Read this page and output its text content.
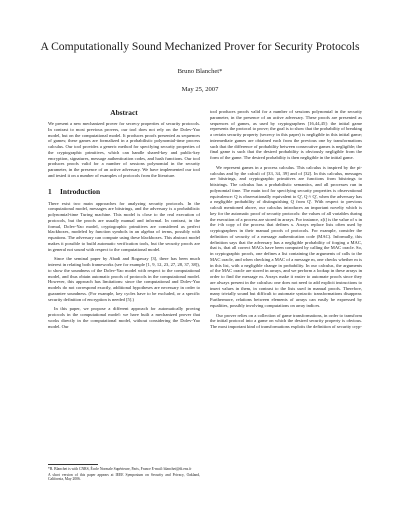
A Computationally Sound Mechanized Prover for Security Protocols
Bruno Blanchet*
May 25, 2007
Abstract

We present a new mechanized prover for secrecy properties of security protocols. In contrast to most previous provers, our tool does not rely on the Dolev-Yao model, but on the computational model. It produces proofs presented as sequences of games; these games are formalized in a probabilistic polynomial-time process calculus. Our tool provides a generic method for specifying security properties of the cryptographic primitives, which can handle shared-key and public-key encryption, signatures, message authentication codes, and hash functions. Our tool produces proofs valid for a number of sessions polynomial in the security parameter, in the presence of an active adversary. We have implemented our tool and tested it on a number of examples of protocols from the literature.

1 Introduction

There exist two main approaches for analyzing security protocols. In the computational model, messages are bitstrings, and the adversary is a probabilistic polynomial-time Turing machine. This model is close to the real execution of protocols, but the proofs are usually manual and informal. In contrast, in the formal, Dolev-Yao model, cryptographic primitives are considered as perfect blackboxes, modeled by function symbols in an algebra of terms, possibly with equations. The adversary can compute using these blackboxes. This abstract model makes it possible to build automatic verification tools, but the security proofs are in general not sound with respect to the computational model.

Since the seminal paper by Abadi and Rogaway [3], there has been much interest in relating both frameworks (see for example [1, 9, 12, 23, 27, 28, 37, 38]), to show the soundness of the Dolev-Yao model with respect to the computational model, and thus obtain automatic proofs of protocols in the computational model. However, this approach has limitations: since the computational and Dolev-Yao models do not correspond exactly, additional hypotheses are necessary in order to guarantee soundness. (For example, key cycles have to be excluded, or a specific security definition of encryption is needed [5].)

In this paper, we propose a different approach for automatically proving protocols in the computational model: we have built a mechanized prover that works directly in the computational model, without considering the Dolev-Yao model. Our

tool produces proofs valid for a number of sessions polynomial in the security parameter, in the presence of an active adversary. These proofs are presented as sequences of games, as used by cryptographers [16,44,45]: the initial game represents the protocol to prove; the goal is to show that the probability of breaking a certain security property (secrecy in this paper) is negligible in this initial game; intermediate games are obtained each from the previous one by transformations such that the difference of probability between consecutive games is negligible; the final game is such that the desired probability is obviously negligible from the form of the game. The desired probability is then negligible in the initial game.

We represent games in a process calculus. This calculus is inspired by the pi-calculus and by the calculi of [33, 34, 39] and of [32]. In this calculus, messages are bitstrings, and cryptographic primitives are functions from bitstrings to bitstrings. The calculus has a probabilistic semantics, and all processes run in polynomial time. The main tool for specifying security properties is observational equivalence: Q is observationally equivalent to Q', Q ≈ Q', when the adversary has a negligible probability of distinguishing Q from Q'. With respect to previous calculi mentioned above, our calculus introduces an important novelty which is key for the automatic proof of security protocols: the values of all variables during the execution of a process are stored in arrays. For instance, x[i] is the value of x in the i-th copy of the process that defines x. Arrays replace lists often used by cryptographers in their manual proofs of protocols. For example, consider the definition of security of a message authentication code (MAC). Informally, this definition says that the adversary has a negligible probability of forging a MAC, that is, that all correct MACs have been computed by calling the MAC oracle. So, in cryptographic proofs, one defines a list containing the arguments of calls to the MAC oracle, and when checking a MAC of a message m, one checks whether m is in this list, with a negligible change in probability. In our calculus, the arguments of the MAC oracle are stored in arrays, and we perform a lookup in these arrays in order to find the message m. Arrays make it easier to automate proofs since they are always present in the calculus: one does not need to add explicit instructions to insert values in them, in contrast to the lists used in manual proofs. Therefore, many trivially sound but difficult to automate syntactic transformations disappear. Furthermore, relations between elements of arrays can easily be expressed by equalities, possibly involving computations on array indices.

Our prover relies on a collection of game transformations, in order to transform the initial protocol into a game on which the desired security property is obvious. The most important kind of transformations exploits the definition of security cryp-

*B. Blanchet is with CNRS, École Normale Supérieure, Paris, France E-mail: blanchet@di.ens.fr

A short version of this paper appears at IEEE Symposium on Security and Privacy, Oakland, California, May 2006.
